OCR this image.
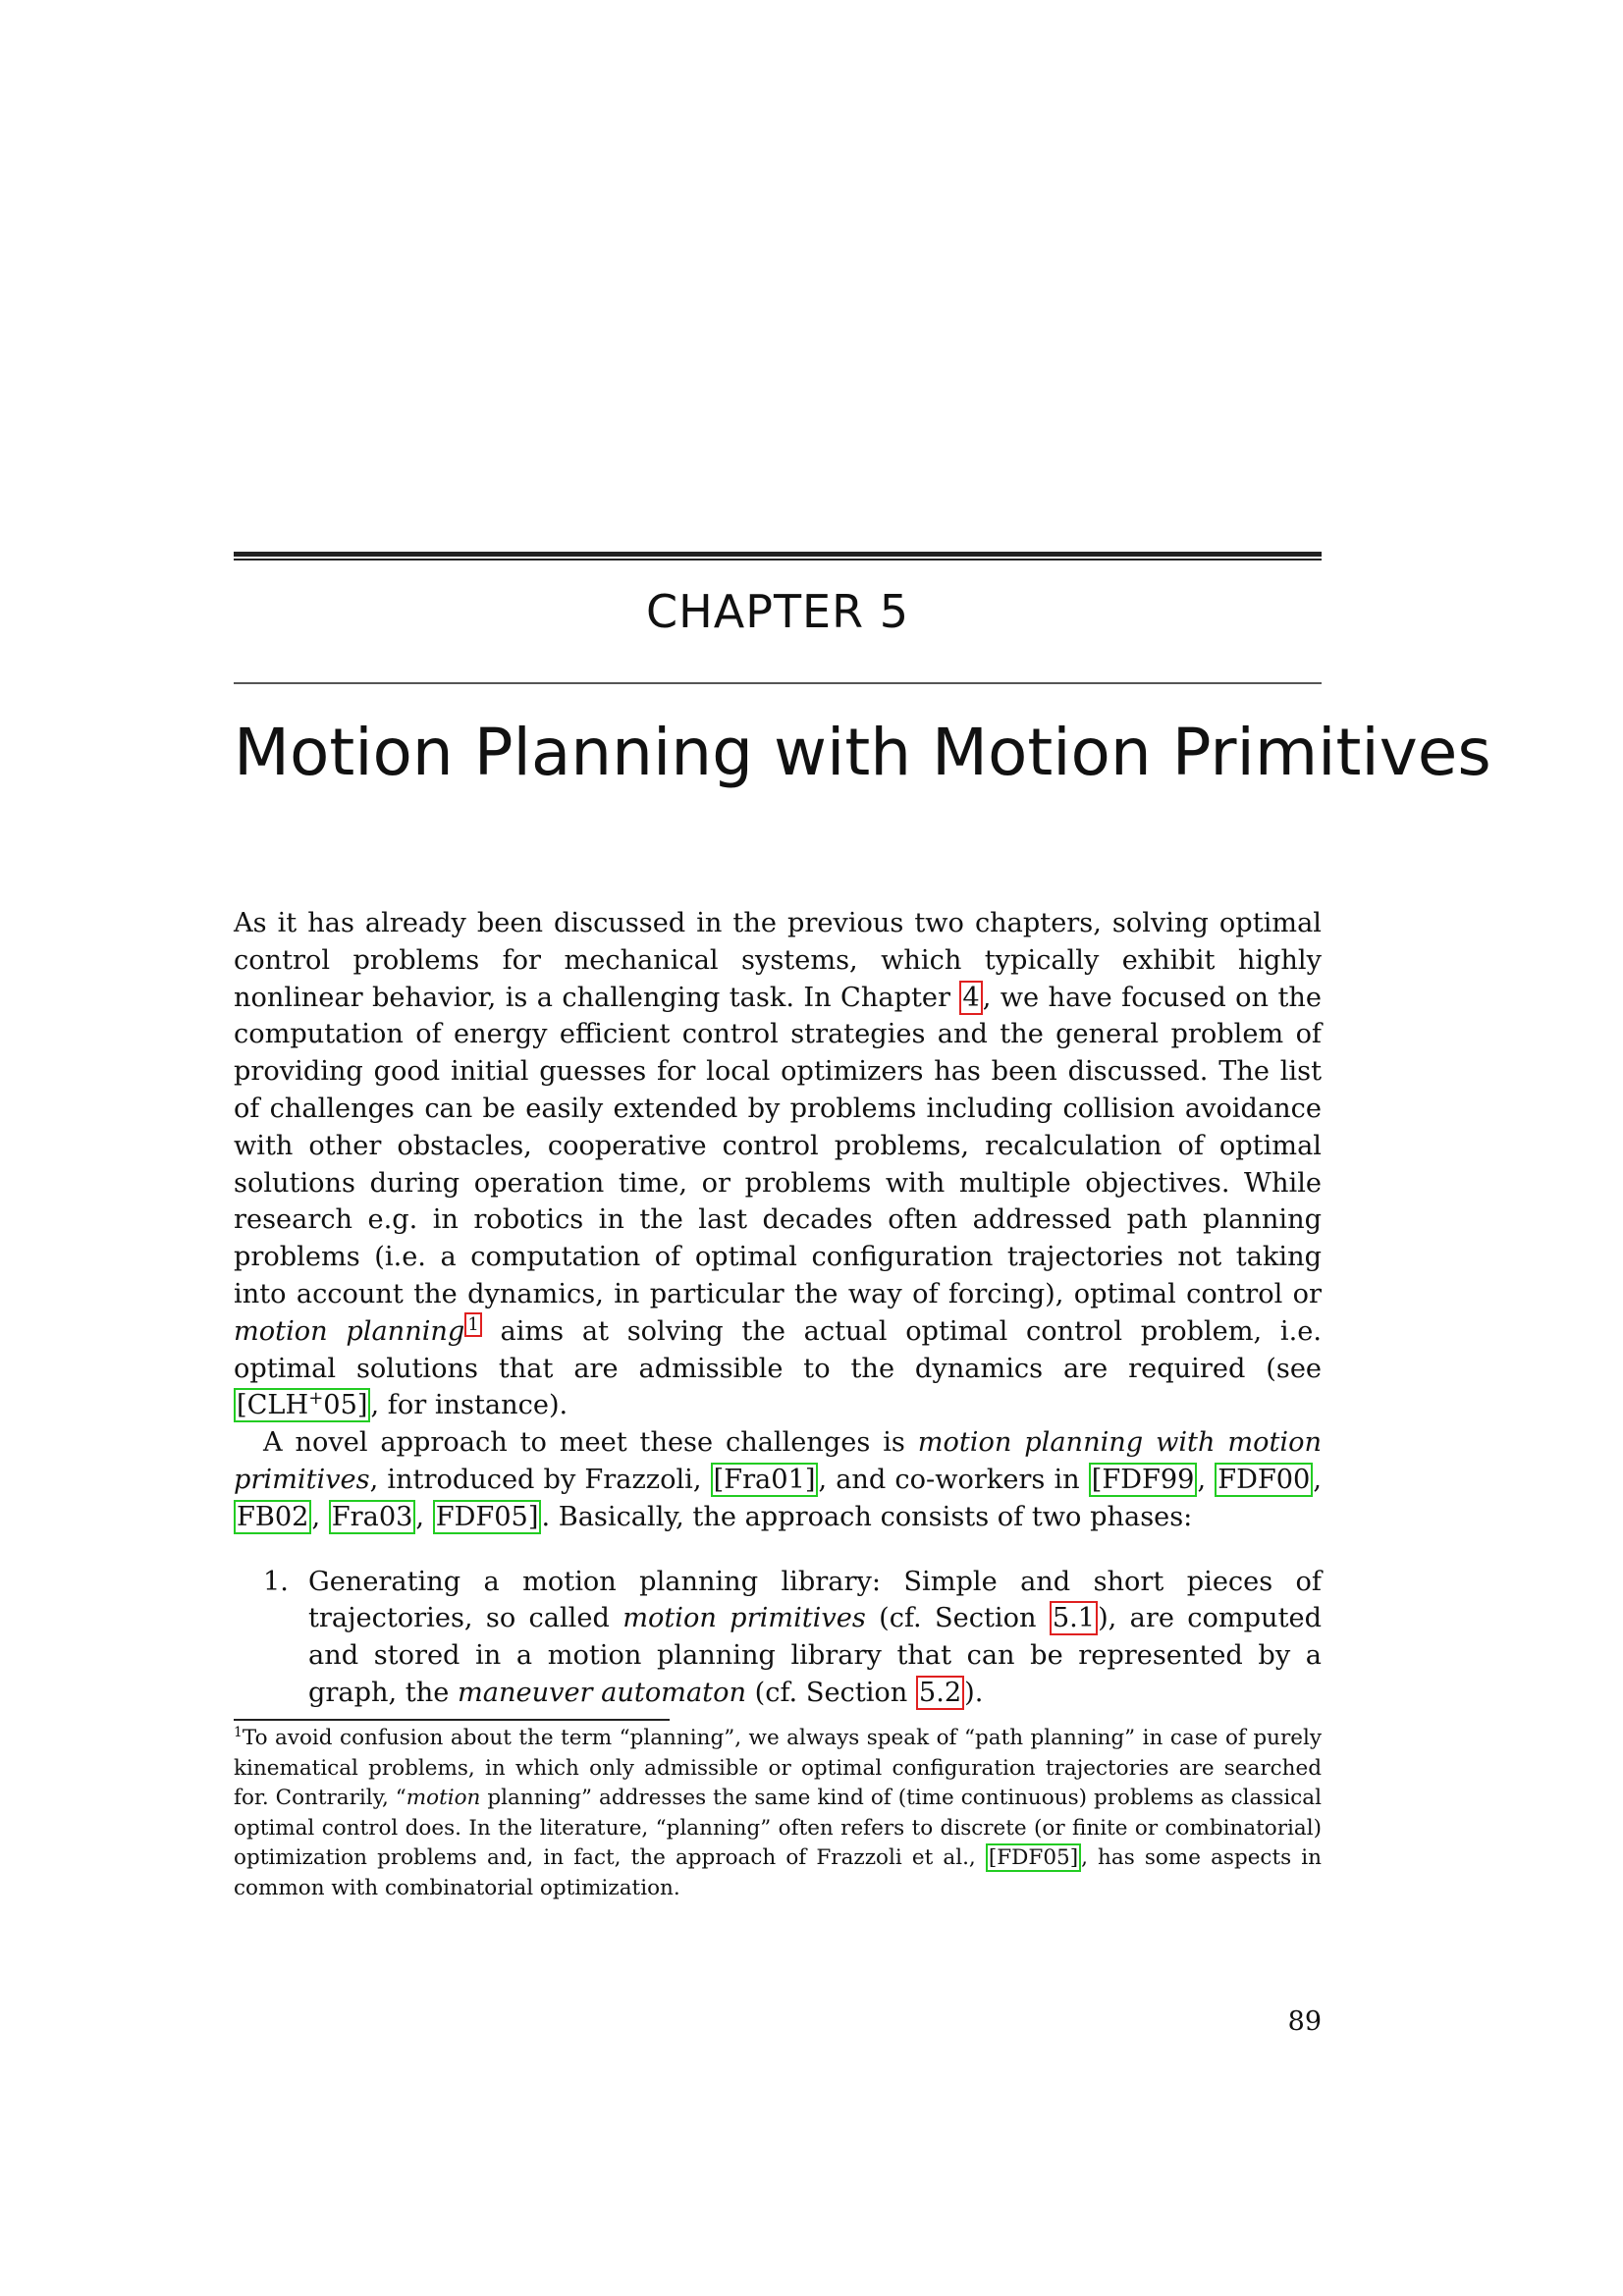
CHAPTER 5
Motion Planning with Motion Primitives

As it has already been discussed in the previous two chapters, solving optimal control problems for mechanical systems, which typically exhibit highly nonlinear behavior, is a challenging task. In Chapter 4 , we have focused on the computation of energy efficient control strategies and the general problem of providing good initial guesses for local optimizers has been discussed. The list of challenges can be easily extended by problems including collision avoidance with other obstacles, cooperative control problems, recalculation of optimal solutions during operation time, or problems with multiple objectives. While research e.g. in robotics in the last decades often addressed path planning problems (i.e. a computation of optimal configuration trajectories not taking into account the dynamics, in particular the way of forcing), optimal control or motion planning $^1$ aims at solving the actual optimal control problem, i.e. optimal solutions that are admissible to the dynamics are required (see [CLH+05] , for instance).

A novel approach to meet these challenges is motion planning with motion primitives, introduced by Frazzoli, [Fra01] , and co-workers in [FDF99 , FDF00 , FB02 , Fra03 , FDF05] . Basically, the approach consists of two phases:

1. Generating a motion planning library: Simple and short pieces of trajectories, so called motion primitives (cf. Section 5.1 ), are computed and stored in a motion planning library that can be represented by a graph, the maneuver automaton (cf. Section 5.2 ).
$^1$To avoid confusion about the term “planning”, we always speak of “path planning” in case of purely kinematical problems, in which only admissible or optimal configuration trajectories are searched for. Contrarily, “motion planning” addresses the same kind of (time continuous) problems as classical optimal control does. In the literature, “planning” often refers to discrete (or finite or combinatorial) optimization problems and, in fact, the approach of Frazzoli et al., [FDF05] , has some aspects in common with combinatorial optimization.
89
